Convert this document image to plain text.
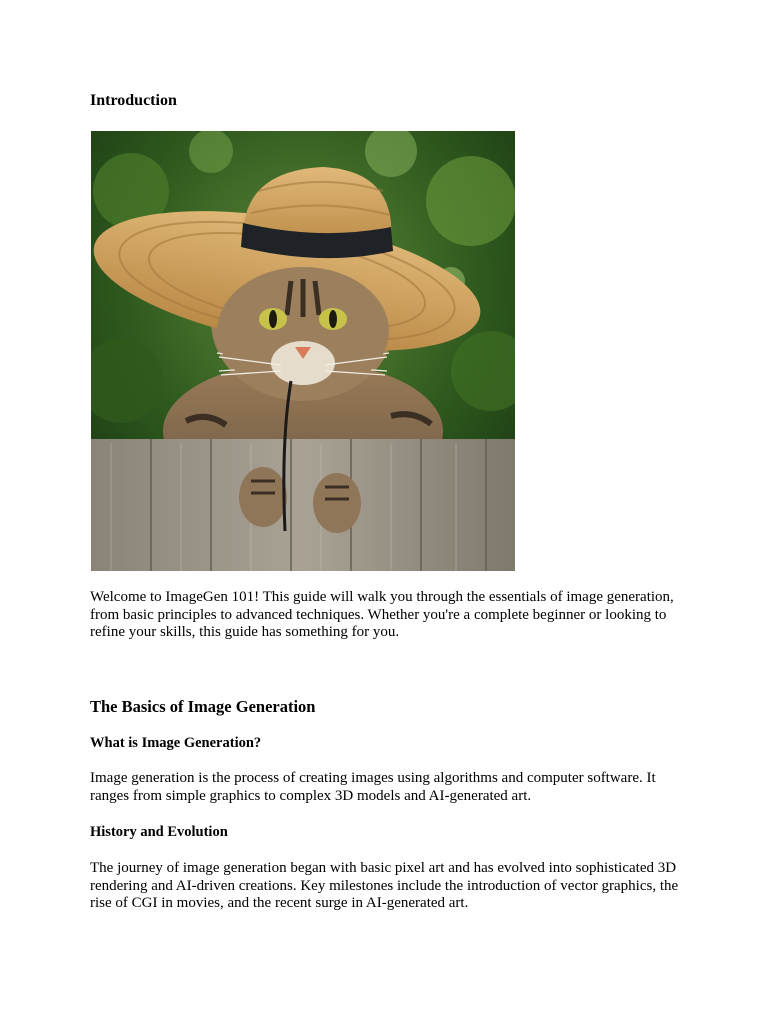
Introduction

Welcome to ImageGen 101! This guide will walk you through the essentials of image generation, from basic principles to advanced techniques. Whether you're a complete beginner or looking to refine your skills, this guide has something for you.

The Basics of Image Generation
What is Image Generation?

Image generation is the process of creating images using algorithms and computer software. It ranges from simple graphics to complex 3D models and AI-generated art.

History and Evolution

The journey of image generation began with basic pixel art and has evolved into sophisticated 3D rendering and AI-driven creations. Key milestones include the introduction of vector graphics, the rise of CGI in movies, and the recent surge in AI-generated art.
